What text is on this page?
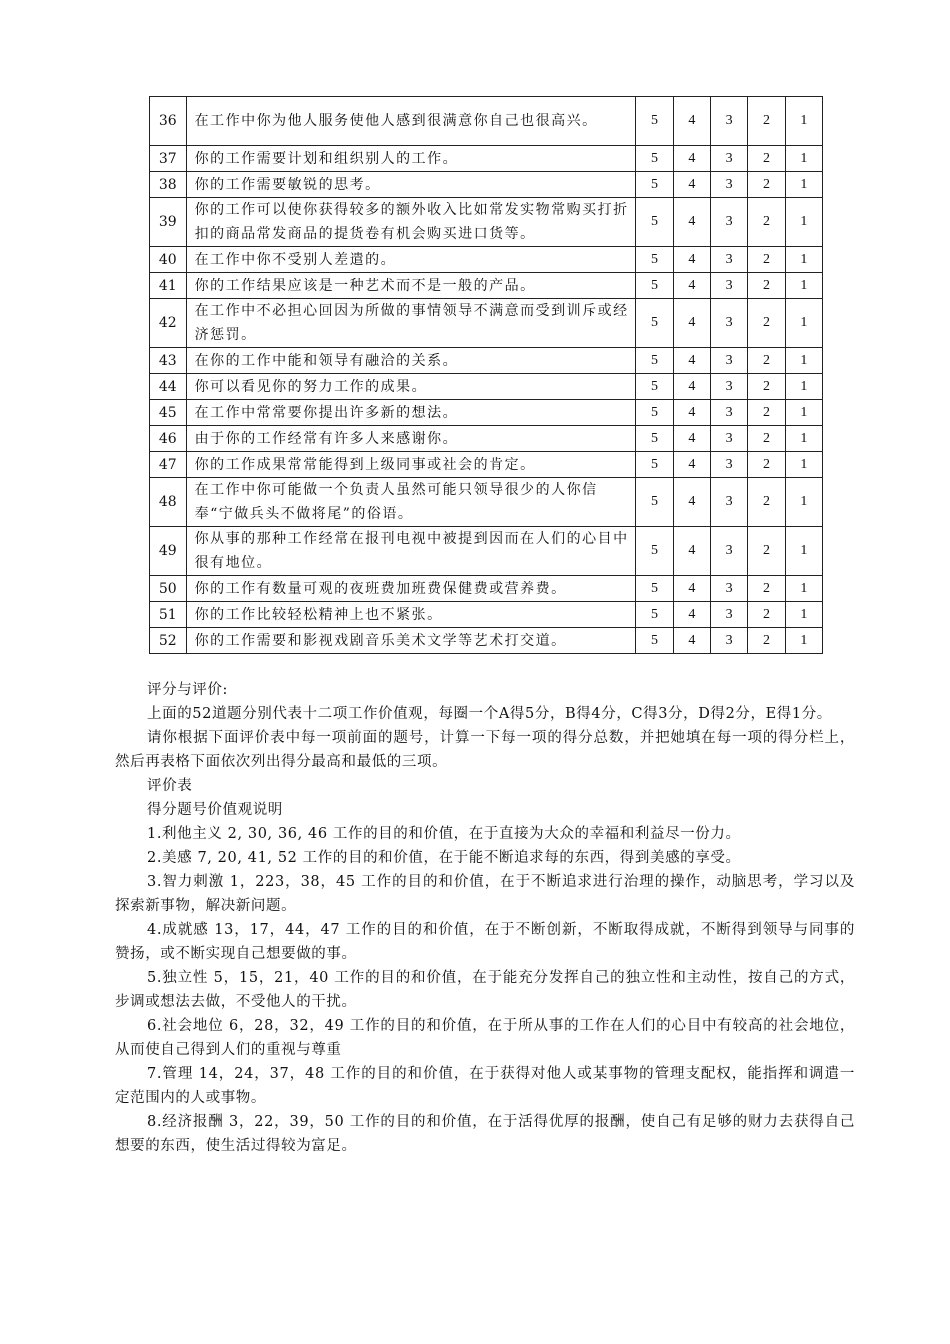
36	在工作中你为他人服务使他人感到很满意你自己也很高兴。	5	4	3	2	1
37	你的工作需要计划和组织别人的工作。	5	4	3	2	1
38	你的工作需要敏锐的思考。	5	4	3	2	1
39	你的工作可以使你获得较多的额外收入比如常发实物常购买打折扣的商品常发商品的提货卷有机会购买进口货等。	5	4	3	2	1
40	在工作中你不受别人差遣的。	5	4	3	2	1
41	你的工作结果应该是一种艺术而不是一般的产品。	5	4	3	2	1
42	在工作中不必担心回因为所做的事情领导不满意而受到训斥或经济惩罚。	5	4	3	2	1
43	在你的工作中能和领导有融洽的关系。	5	4	3	2	1
44	你可以看见你的努力工作的成果。	5	4	3	2	1
45	在工作中常常要你提出许多新的想法。	5	4	3	2	1
46	由于你的工作经常有许多人来感谢你。	5	4	3	2	1
47	你的工作成果常常能得到上级同事或社会的肯定。	5	4	3	2	1
48	在工作中你可能做一个负责人虽然可能只领导很少的人你信奉“宁做兵头不做将尾”的俗语。	5	4	3	2	1
49	你从事的那种工作经常在报刊电视中被提到因而在人们的心目中很有地位。	5	4	3	2	1
50	你的工作有数量可观的夜班费加班费保健费或营养费。	5	4	3	2	1
51	你的工作比较轻松精神上也不紧张。	5	4	3	2	1
52	你的工作需要和影视戏剧音乐美术文学等艺术打交道。	5	4	3	2	1

评分与评价:

上面的52道题分别代表十二项工作价值观，每圈一个A得5分，B得4分，C得3分，D得2分，E得1分。

请你根据下面评价表中每一项前面的题号，计算一下每一项的得分总数，并把她填在每一项的得分栏上，然后再表格下面依次列出得分最高和最低的三项。

评价表

得分题号价值观说明

1.利他主义 2, 30, 36, 46 工作的目的和价值，在于直接为大众的幸福和利益尽一份力。

2.美感 7, 20, 41, 52 工作的目的和价值，在于能不断追求每的东西，得到美感的享受。

3.智力刺激 1，223，38，45 工作的目的和价值，在于不断追求进行治理的操作，动脑思考，学习以及探索新事物，解决新问题。

4.成就感 13，17，44，47 工作的目的和价值，在于不断创新，不断取得成就，不断得到领导与同事的赞扬，或不断实现自己想要做的事。

5.独立性 5，15，21，40 工作的目的和价值，在于能充分发挥自己的独立性和主动性，按自己的方式，步调或想法去做，不受他人的干扰。

6.社会地位 6，28，32，49 工作的目的和价值，在于所从事的工作在人们的心目中有较高的社会地位，从而使自己得到人们的重视与尊重

7.管理 14，24，37，48 工作的目的和价值，在于获得对他人或某事物的管理支配权，能指挥和调遣一定范围内的人或事物。

8.经济报酬 3，22，39，50 工作的目的和价值，在于活得优厚的报酬，使自己有足够的财力去获得自己想要的东西，使生活过得较为富足。
